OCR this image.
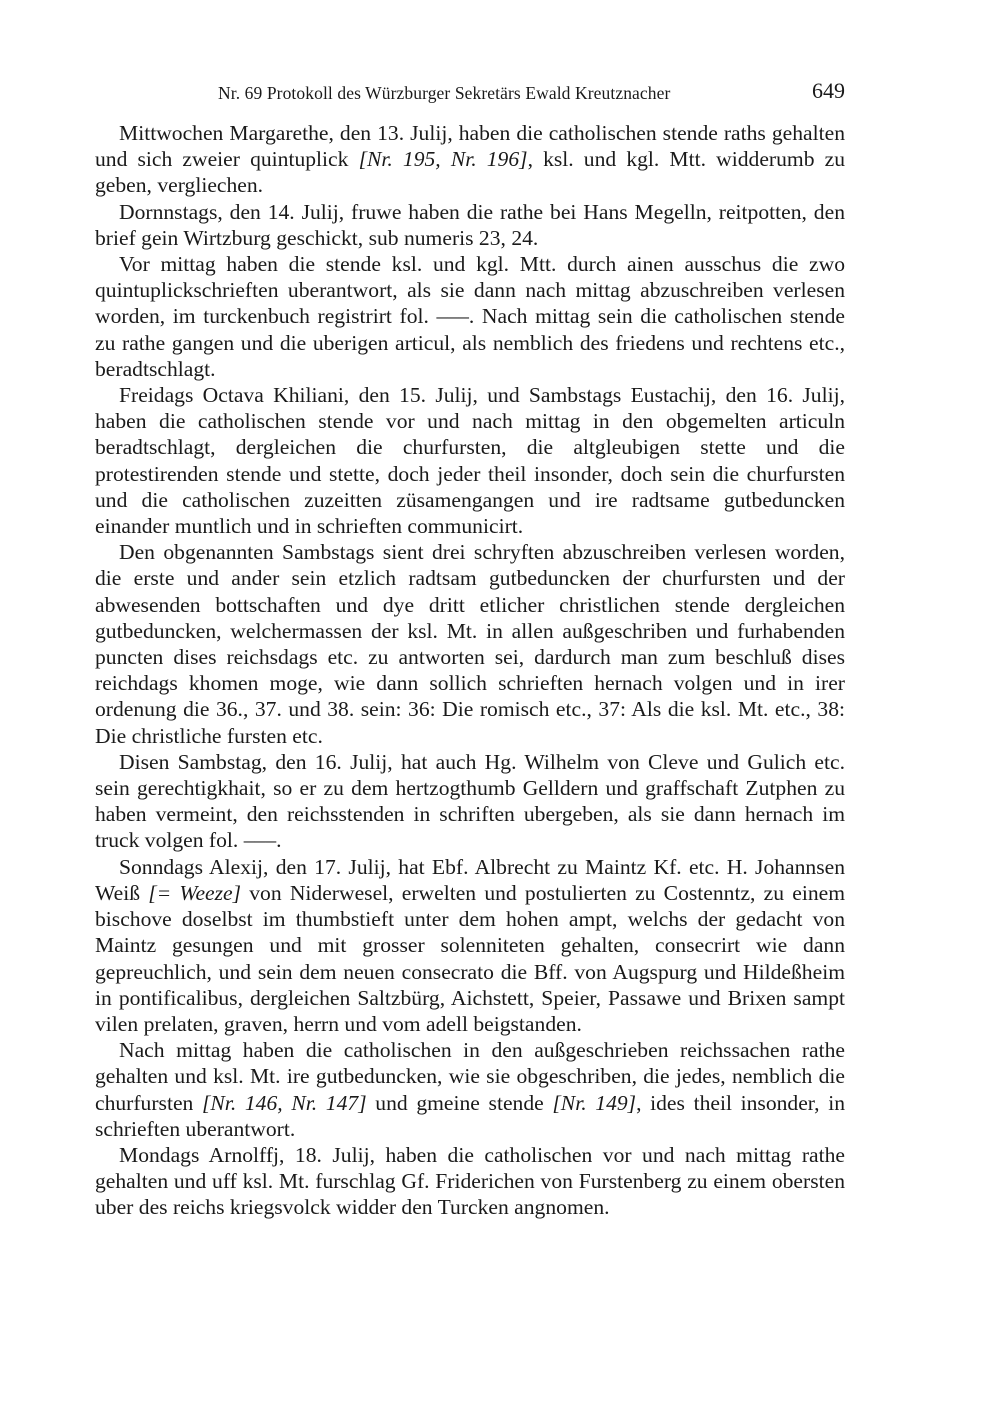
Nr. 69 Protokoll des Würzburger Sekretärs Ewald Kreutznacher	649

Mittwochen Margarethe, den 13. Julij, haben die catholischen stende raths gehalten und sich zweier quintuplick [Nr. 195, Nr. 196], ksl. und kgl. Mtt. widderumb zu geben, vergliechen.

Dornnstags, den 14. Julij, fruwe haben die rathe bei Hans Megelln, reitpotten, den brief gein Wirtzburg geschickt, sub numeris 23, 24.

Vor mittag haben die stende ksl. und kgl. Mtt. durch ainen ausschus die zwo quintuplickschrieften uberantwort, als sie dann nach mittag abzuschreiben verlesen worden, im turckenbuch registrirt fol. –––. Nach mittag sein die catholischen stende zu rathe gangen und die uberigen articul, als nemblich des friedens und rechtens etc., beradtschlagt.

Freidags Octava Khiliani, den 15. Julij, und Sambstags Eustachij, den 16. Julij, haben die catholischen stende vor und nach mittag in den obgemelten articuln beradtschlagt, dergleichen die churfursten, die altgleubigen stette und die protestirenden stende und stette, doch jeder theil insonder, doch sein die churfursten und die catholischen zuzeitten züsamengangen und ire radtsame gutbeduncken einander muntlich und in schrieften communicirt.

Den obgenannten Sambstags sient drei schryften abzuschreiben verlesen worden, die erste und ander sein etzlich radtsam gutbeduncken der churfursten und der abwesenden bottschaften und dye dritt etlicher christlichen stende dergleichen gutbeduncken, welchermassen der ksl. Mt. in allen außgeschriben und furhabenden puncten dises reichsdags etc. zu antworten sei, dardurch man zum beschluß dises reichdags khomen moge, wie dann sollich schrieften hernach volgen und in irer ordenung die 36., 37. und 38. sein: 36: Die romisch etc., 37: Als die ksl. Mt. etc., 38: Die christliche fursten etc.

Disen Sambstag, den 16. Julij, hat auch Hg. Wilhelm von Cleve und Gulich etc. sein gerechtigkhait, so er zu dem hertzogthumb Gelldern und graffschaft Zutphen zu haben vermeint, den reichsstenden in schriften ubergeben, als sie dann hernach im truck volgen fol. –––.

Sonndags Alexij, den 17. Julij, hat Ebf. Albrecht zu Maintz Kf. etc. H. Johannsen Weiß [= Weeze] von Niderwesel, erwelten und postulierten zu Costenntz, zu einem bischove doselbst im thumbstieft unter dem hohen ampt, welchs der gedacht von Maintz gesungen und mit grosser solenniteten gehalten, consecrirt wie dann gepreuchlich, und sein dem neuen consecrato die Bff. von Augspurg und Hildeßheim in pontificalibus, dergleichen Saltzbürg, Aichstett, Speier, Passawe und Brixen sampt vilen prelaten, graven, herrn und vom adell beigstanden.

Nach mittag haben die catholischen in den außgeschrieben reichssachen rathe gehalten und ksl. Mt. ire gutbeduncken, wie sie obgeschriben, die jedes, nemblich die churfursten [Nr. 146, Nr. 147] und gmeine stende [Nr. 149], ides theil insonder, in schrieften uberantwort.

Mondags Arnolffj, 18. Julij, haben die catholischen vor und nach mittag rathe gehalten und uff ksl. Mt. furschlag Gf. Friderichen von Furstenberg zu einem obersten uber des reichs kriegsvolck widder den Turcken angnomen.
